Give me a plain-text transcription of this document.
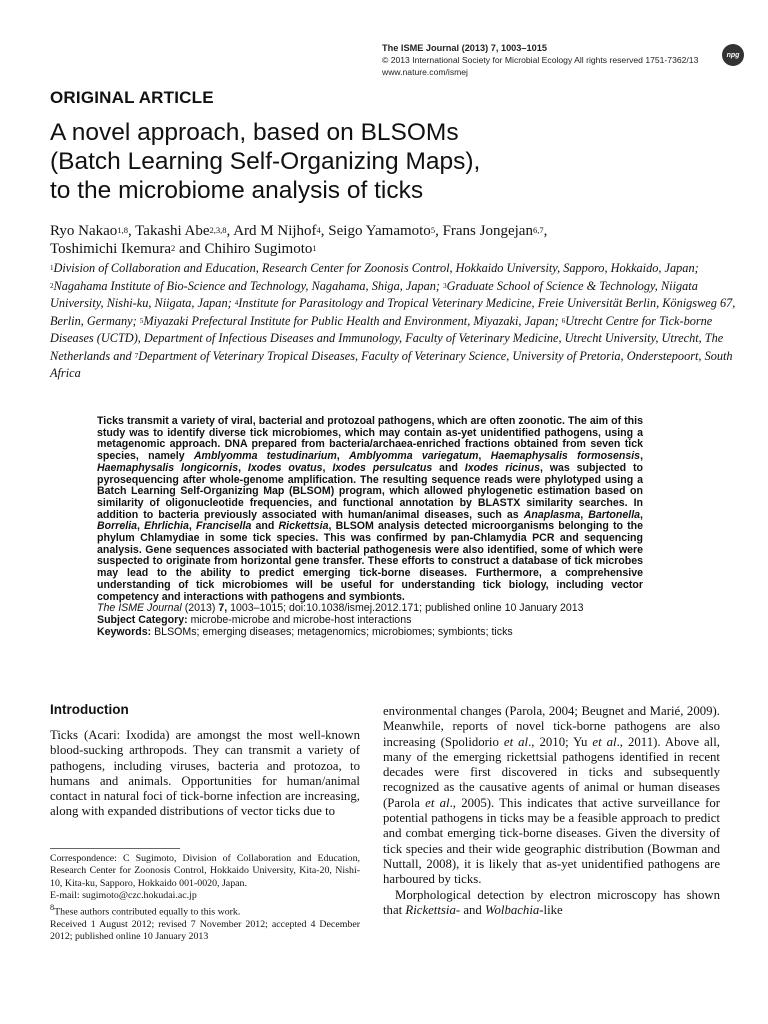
The ISME Journal (2013) 7, 1003–1015
© 2013 International Society for Microbial Ecology All rights reserved 1751-7362/13
www.nature.com/ismej
npg
ORIGINAL ARTICLE
A novel approach, based on BLSOMs
(Batch Learning Self-Organizing Maps),
to the microbiome analysis of ticks
Ryo Nakao$^{1,8}$, Takashi Abe$^{2,3,8}$, Ard M Nijhof$^4$, Seigo Yamamoto$^5$, Frans Jongejan$^{6,7}$,
Toshimichi Ikemura$^2$ and Chihiro Sugimoto$^1$
$^1$Division of Collaboration and Education, Research Center for Zoonosis Control, Hokkaido University, Sapporo, Hokkaido, Japan; $^2$Nagahama Institute of Bio-Science and Technology, Nagahama, Shiga, Japan; $^3$Graduate School of Science & Technology, Niigata University, Nishi-ku, Niigata, Japan; $^4$Institute for Parasitology and Tropical Veterinary Medicine, Freie Universität Berlin, Königsweg 67, Berlin, Germany; $^5$Miyazaki Prefectural Institute for Public Health and Environment, Miyazaki, Japan; $^6$Utrecht Centre for Tick-borne Diseases (UCTD), Department of Infectious Diseases and Immunology, Faculty of Veterinary Medicine, Utrecht University, Utrecht, The Netherlands and $^7$Department of Veterinary Tropical Diseases, Faculty of Veterinary Science, University of Pretoria, Onderstepoort, South Africa

Ticks transmit a variety of viral, bacterial and protozoal pathogens, which are often zoonotic. The aim of this study was to identify diverse tick microbiomes, which may contain as-yet unidentified pathogens, using a metagenomic approach. DNA prepared from bacteria/archaea-enriched fractions obtained from seven tick species, namely Amblyomma testudinarium, Amblyomma variegatum, Haemaphysalis formosensis, Haemaphysalis longicornis, Ixodes ovatus, Ixodes persulcatus and Ixodes ricinus, was subjected to pyrosequencing after whole-genome amplification. The resulting sequence reads were phylotyped using a Batch Learning Self-Organizing Map (BLSOM) program, which allowed phylogenetic estimation based on similarity of oligonucleotide frequencies, and functional annotation by BLASTX similarity searches. In addition to bacteria previously associated with human/animal diseases, such as Anaplasma, Bartonella, Borrelia, Ehrlichia, Francisella and Rickettsia, BLSOM analysis detected microorganisms belonging to the phylum Chlamydiae in some tick species. This was confirmed by pan-Chlamydia PCR and sequencing analysis. Gene sequences associated with bacterial pathogenesis were also identified, some of which were suspected to originate from horizontal gene transfer. These efforts to construct a database of tick microbes may lead to the ability to predict emerging tick-borne diseases. Furthermore, a comprehensive understanding of tick microbiomes will be useful for understanding tick biology, including vector competency and interactions with pathogens and symbionts.

The ISME Journal (2013) 7, 1003–1015; doi:10.1038/ismej.2012.171; published online 10 January 2013
Subject Category: microbe-microbe and microbe-host interactions
Keywords: BLSOMs; emerging diseases; metagenomics; microbiomes; symbionts; ticks
Introduction

Ticks (Acari: Ixodida) are amongst the most well-known blood-sucking arthropods. They can transmit a variety of pathogens, including viruses, bacteria and protozoa, to humans and animals. Opportunities for human/animal contact in natural foci of tick-borne infection are increasing, along with expanded distributions of vector ticks due to

Correspondence: C Sugimoto, Division of Collaboration and Education, Research Center for Zoonosis Control, Hokkaido University, Kita-20, Nishi-10, Kita-ku, Sapporo, Hokkaido 001-0020, Japan.

E-mail: sugimoto@czc.hokudai.ac.jp

$^8$These authors contributed equally to this work.

Received 1 August 2012; revised 7 November 2012; accepted 4 December 2012; published online 10 January 2013

environmental changes (Parola, 2004; Beugnet and Marié, 2009). Meanwhile, reports of novel tick-borne pathogens are also increasing (Spolidorio et al., 2010; Yu et al., 2011). Above all, many of the emerging rickettsial pathogens identified in recent decades were first discovered in ticks and subsequently recognized as the causative agents of animal or human diseases (Parola et al., 2005). This indicates that active surveillance for potential pathogens in ticks may be a feasible approach to predict and combat emerging tick-borne diseases. Given the diversity of tick species and their wide geographic distribution (Bowman and Nuttall, 2008), it is likely that as-yet unidentified pathogens are harboured by ticks.

Morphological detection by electron microscopy has shown that Rickettsia- and Wolbachia-like
